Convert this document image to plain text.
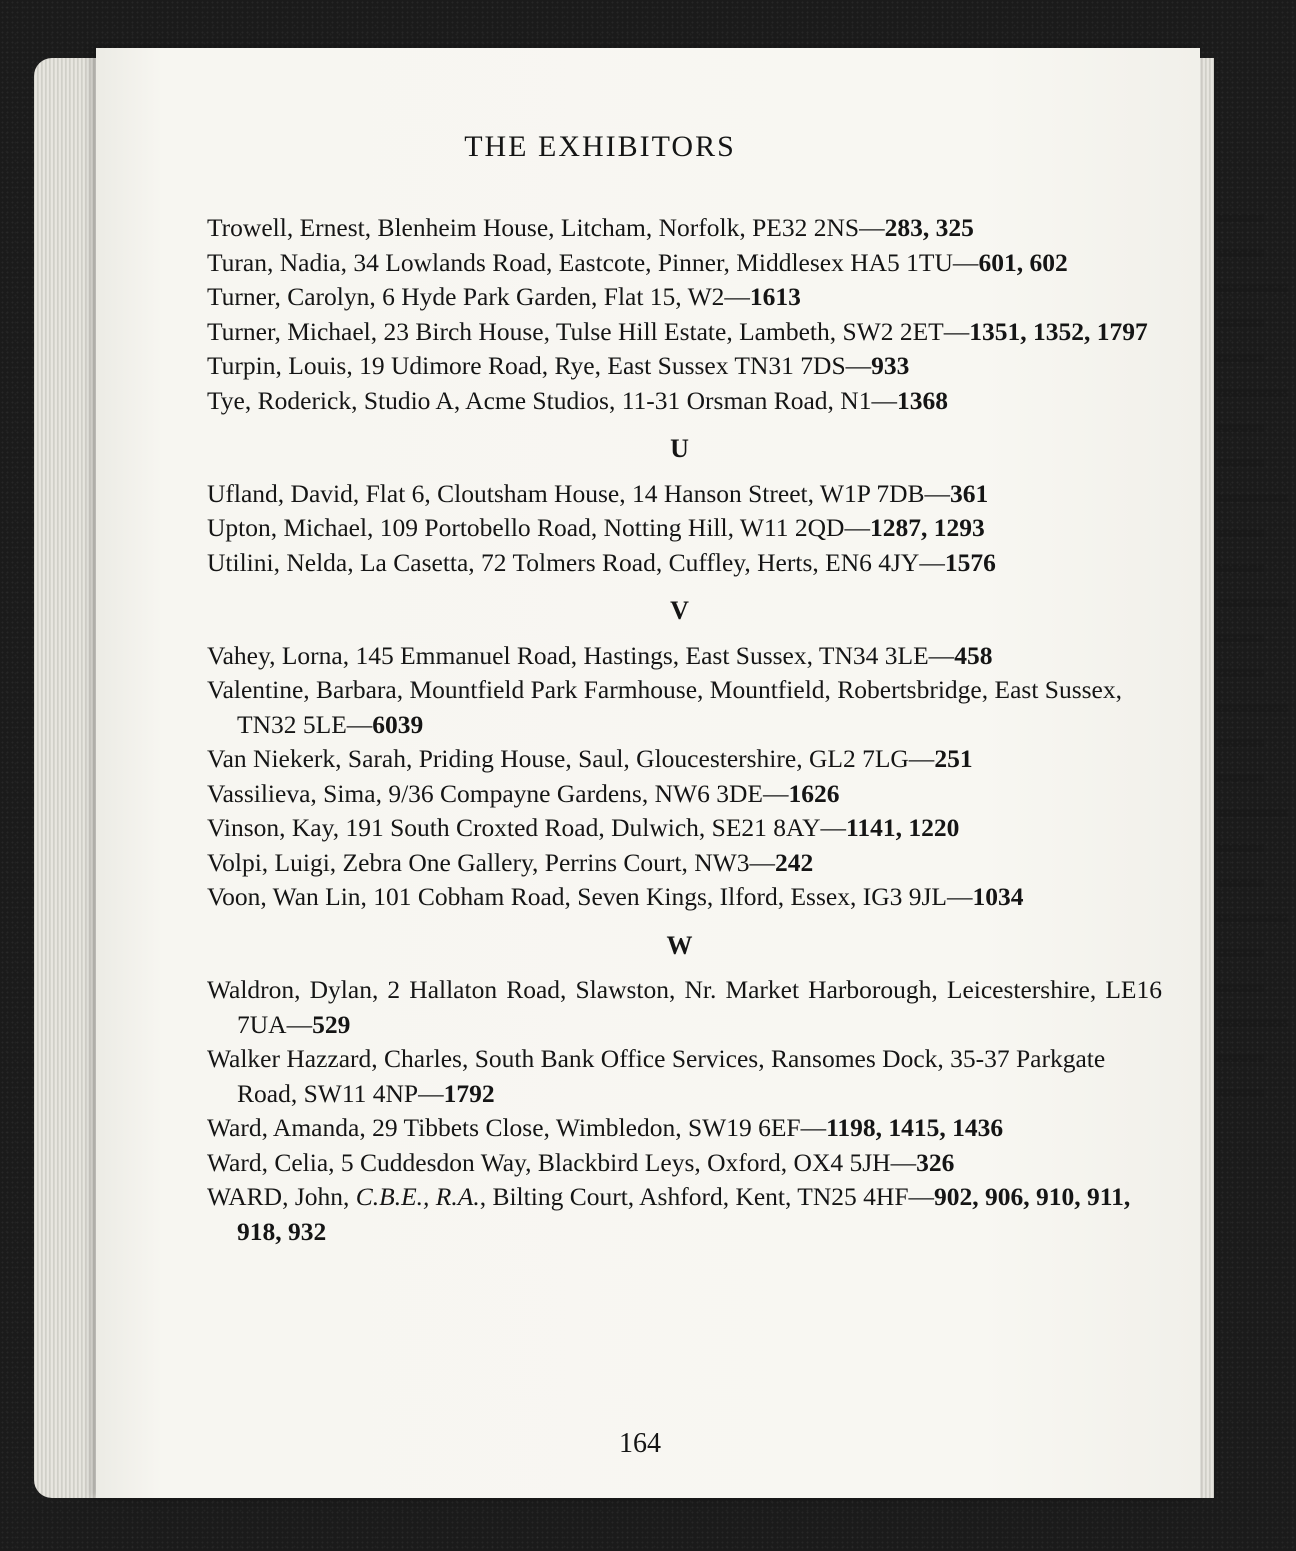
▬▬
▬▬
▬▬▬
▬▬
▬▬
▬▬▬
▬▬
▬▬
▬▬▬
▬▬
▬▬
▬▬▬
▬▬
▬▬
▬▬▬
▬▬
▬▬
▬▬▬
▬▬
▬▬
▬▬▬
▬▬
▬▬
▬▬▬
▬▬
▬▬
THE EXHIBITORS

Trowell, Ernest, Blenheim House, Litcham, Norfolk, PE32 2NS—283, 325

Turan, Nadia, 34 Lowlands Road, Eastcote, Pinner, Middlesex HA5 1TU—601, 602

Turner, Carolyn, 6 Hyde Park Garden, Flat 15, W2—1613

Turner, Michael, 23 Birch House, Tulse Hill Estate, Lambeth, SW2 2ET—1351, 1352, 1797

Turpin, Louis, 19 Udimore Road, Rye, East Sussex TN31 7DS—933

Tye, Roderick, Studio A, Acme Studios, 11-31 Orsman Road, N1—1368

U

Ufland, David, Flat 6, Cloutsham House, 14 Hanson Street, W1P 7DB—361

Upton, Michael, 109 Portobello Road, Notting Hill, W11 2QD—1287, 1293

Utilini, Nelda, La Casetta, 72 Tolmers Road, Cuffley, Herts, EN6 4JY—1576

V

Vahey, Lorna, 145 Emmanuel Road, Hastings, East Sussex, TN34 3LE—458

Valentine, Barbara, Mountfield Park Farmhouse, Mountfield, Robertsbridge, East Sussex, TN32 5LE—6039

Van Niekerk, Sarah, Priding House, Saul, Gloucestershire, GL2 7LG—251

Vassilieva, Sima, 9/36 Compayne Gardens, NW6 3DE—1626

Vinson, Kay, 191 South Croxted Road, Dulwich, SE21 8AY—1141, 1220

Volpi, Luigi, Zebra One Gallery, Perrins Court, NW3—242

Voon, Wan Lin, 101 Cobham Road, Seven Kings, Ilford, Essex, IG3 9JL—1034

W

Waldron, Dylan, 2 Hallaton Road, Slawston, Nr. Market Harborough, Leicestershire, LE16 7UA—529

Walker Hazzard, Charles, South Bank Office Services, Ransomes Dock, 35-37 Parkgate Road, SW11 4NP—1792

Ward, Amanda, 29 Tibbets Close, Wimbledon, SW19 6EF—1198, 1415, 1436

Ward, Celia, 5 Cuddesdon Way, Blackbird Leys, Oxford, OX4 5JH—326

WARD, John, C.B.E., R.A., Bilting Court, Ashford, Kent, TN25 4HF—902, 906, 910, 911, 918, 932

164
